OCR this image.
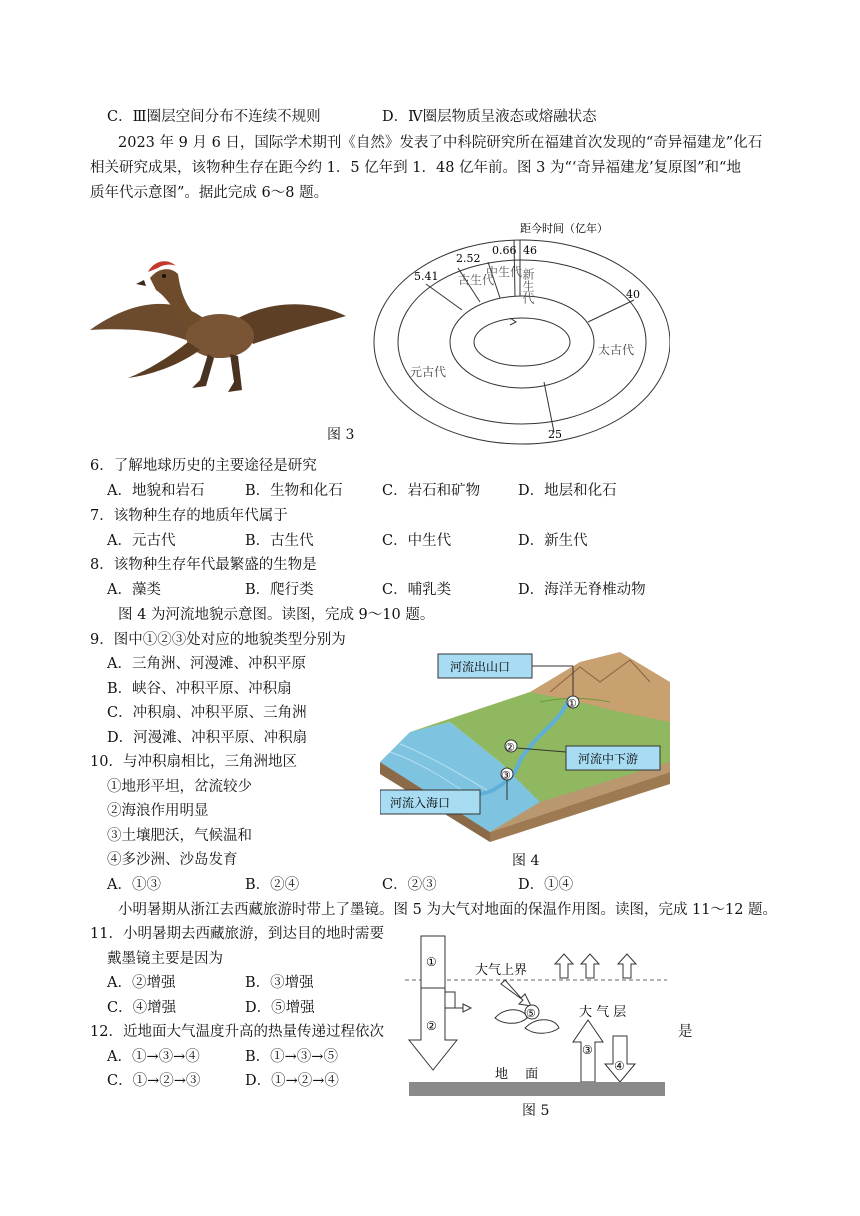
C．Ⅲ圈层空间分布不连续不规则	D．Ⅳ圈层物质呈液态或熔融状态
2023 年 9 月 6 日，国际学术期刊《自然》发表了中科院研究所在福建首次发现的“奇异福建龙”化石
相关研究成果，该物种生存在距今约 1．5 亿年到 1．48 亿年前。图 3 为“‘奇异福建龙’复原图”和“地
质年代示意图”。据此完成 6～8 题。
图 3
距今时间（亿年）
0.66 46
2.52
5.41
40
25
古生代
中生代
新生代
太古代
元古代
6．了解地球历史的主要途径是研究
A．地貌和岩石	B．生物和化石	C．岩石和矿物	D．地层和化石
7．该物种生存的地质年代属于
A．元古代	B．古生代	C．中生代	D．新生代
8．该物种生存年代最繁盛的生物是
A．藻类	B．爬行类	C．哺乳类	D．海洋无脊椎动物
图 4 为河流地貌示意图。读图，完成 9～10 题。
9．图中①②③处对应的地貌类型分别为
A．三角洲、河漫滩、冲积平原
B．峡谷、冲积平原、冲积扇
C．冲积扇、冲积平原、三角洲
D．河漫滩、冲积平原、冲积扇
10．与冲积扇相比，三角洲地区
①地形平坦，岔流较少
②海浪作用明显
③土壤肥沃，气候温和
④多沙洲、沙岛发育
A．①③	B．②④	C．②③	D．①④
①
②
③
河流出山口
河流中下游
河流入海口
图 4
小明暑期从浙江去西藏旅游时带上了墨镜。图 5 为大气对地面的保温作用图。读图，完成 11～12 题。
11．小明暑期去西藏旅游，到达目的地时需要
戴墨镜主要是因为
A．②增强	B．③增强
C．④增强	D．⑤增强
12．近地面大气温度升高的热量传递过程依次	是
A．①→③→④	B．①→③→⑤
C．①→②→③	D．①→②→④
大气上界
大 气 层
地　 面
①
②
⑤
③
④
图 5
